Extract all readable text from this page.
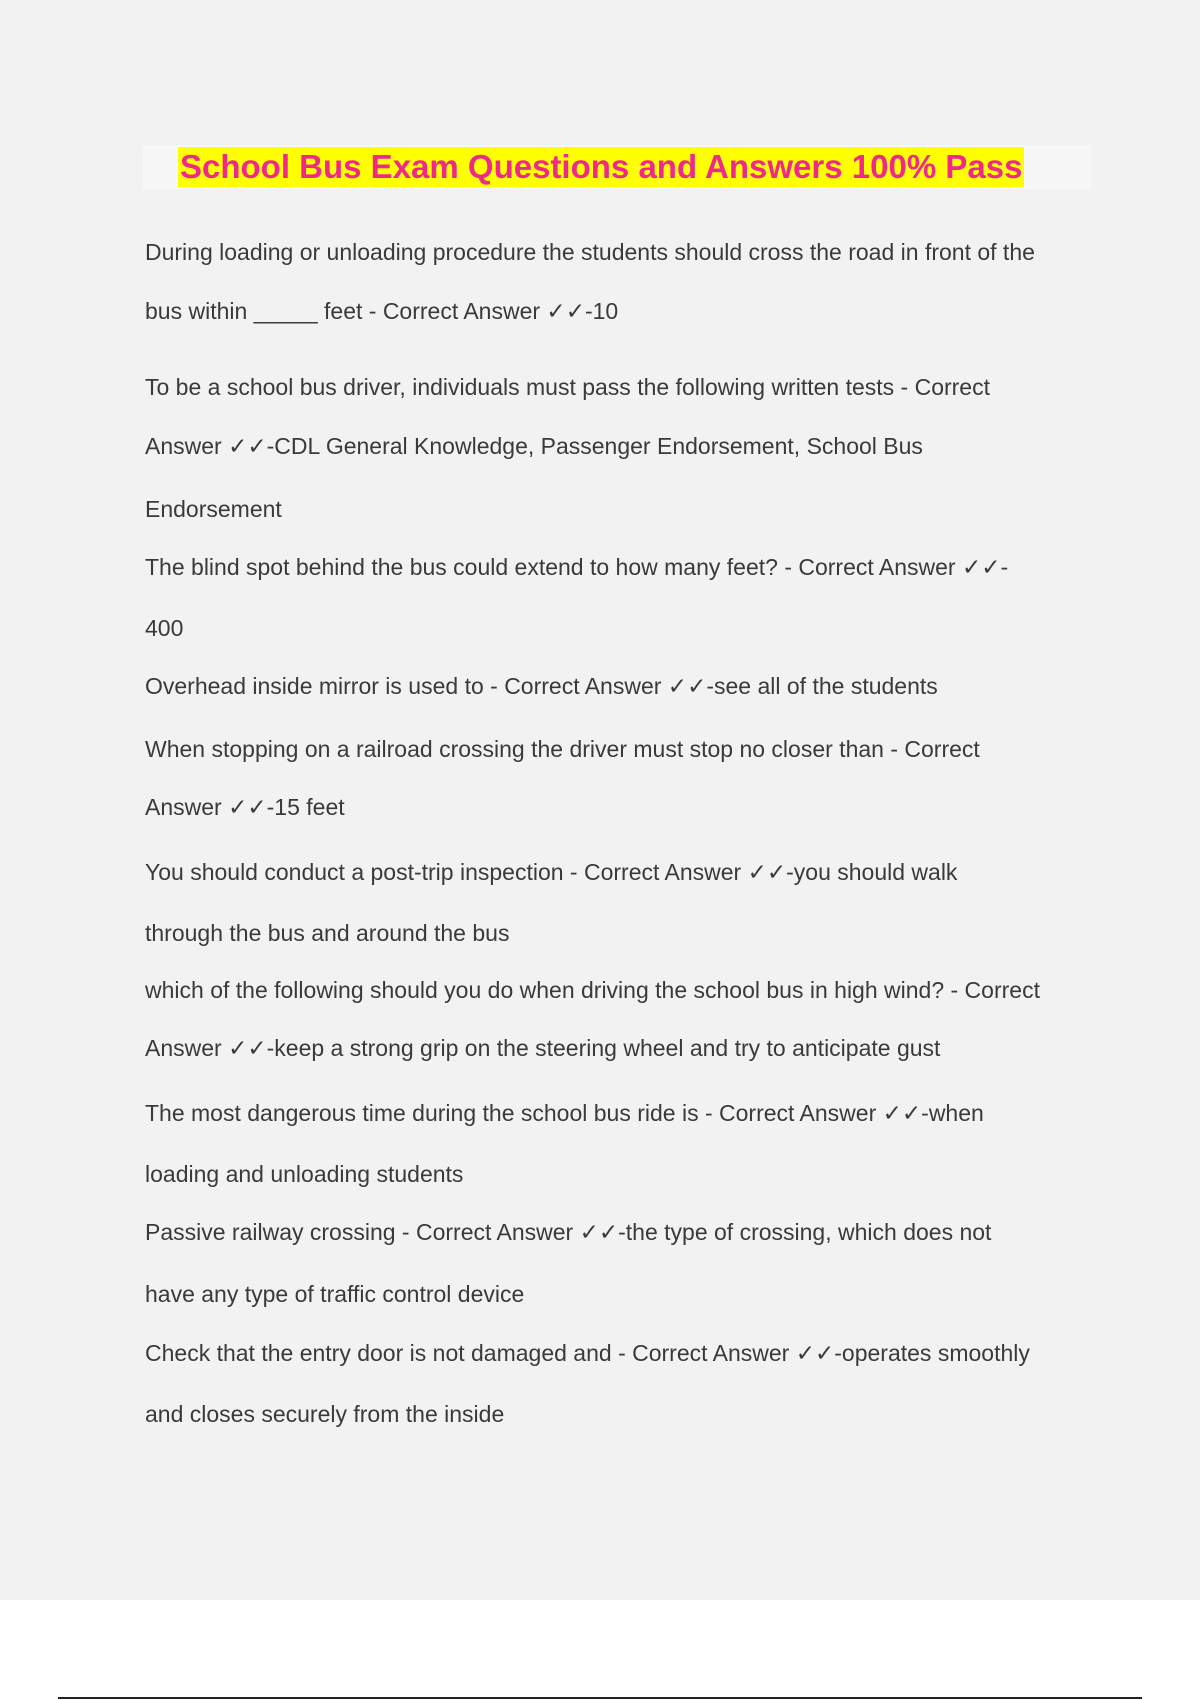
School Bus Exam Questions and Answers 100% Pass
During loading or unloading procedure the students should cross the road in front of the
bus within _____ feet - Correct Answer ✓✓-10
To be a school bus driver, individuals must pass the following written tests - Correct
Answer ✓✓-CDL General Knowledge, Passenger Endorsement, School Bus
Endorsement
The blind spot behind the bus could extend to how many feet? - Correct Answer ✓✓-
400
Overhead inside mirror is used to - Correct Answer ✓✓-see all of the students
When stopping on a railroad crossing the driver must stop no closer than - Correct
Answer ✓✓-15 feet
You should conduct a post-trip inspection - Correct Answer ✓✓-you should walk
through the bus and around the bus
which of the following should you do when driving the school bus in high wind? - Correct
Answer ✓✓-keep a strong grip on the steering wheel and try to anticipate gust
The most dangerous time during the school bus ride is - Correct Answer ✓✓-when
loading and unloading students
Passive railway crossing - Correct Answer ✓✓-the type of crossing, which does not
have any type of traffic control device
Check that the entry door is not damaged and - Correct Answer ✓✓-operates smoothly
and closes securely from the inside
